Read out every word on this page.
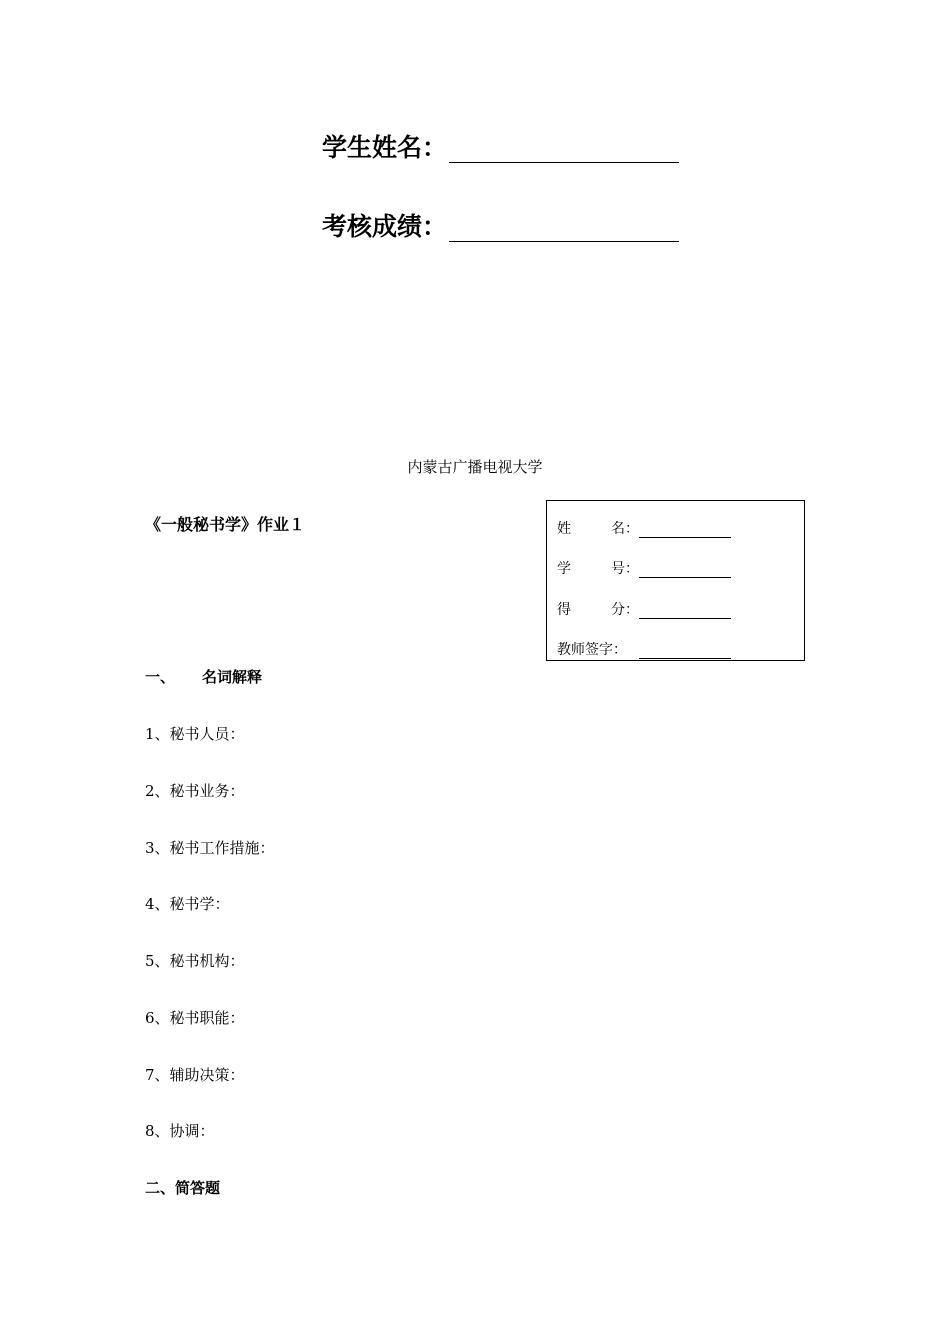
学生姓名：
考核成绩：
内蒙古广播电视大学
《一般秘书学》作业１	姓	名：
学	号：
得	分：
教师签字：
一、 名词解释
1、秘书人员：
2、秘书业务：
3、秘书工作措施：
4、秘书学：
5、秘书机构：
6、秘书职能：
7、辅助决策：
8、协调：
二、简答题
